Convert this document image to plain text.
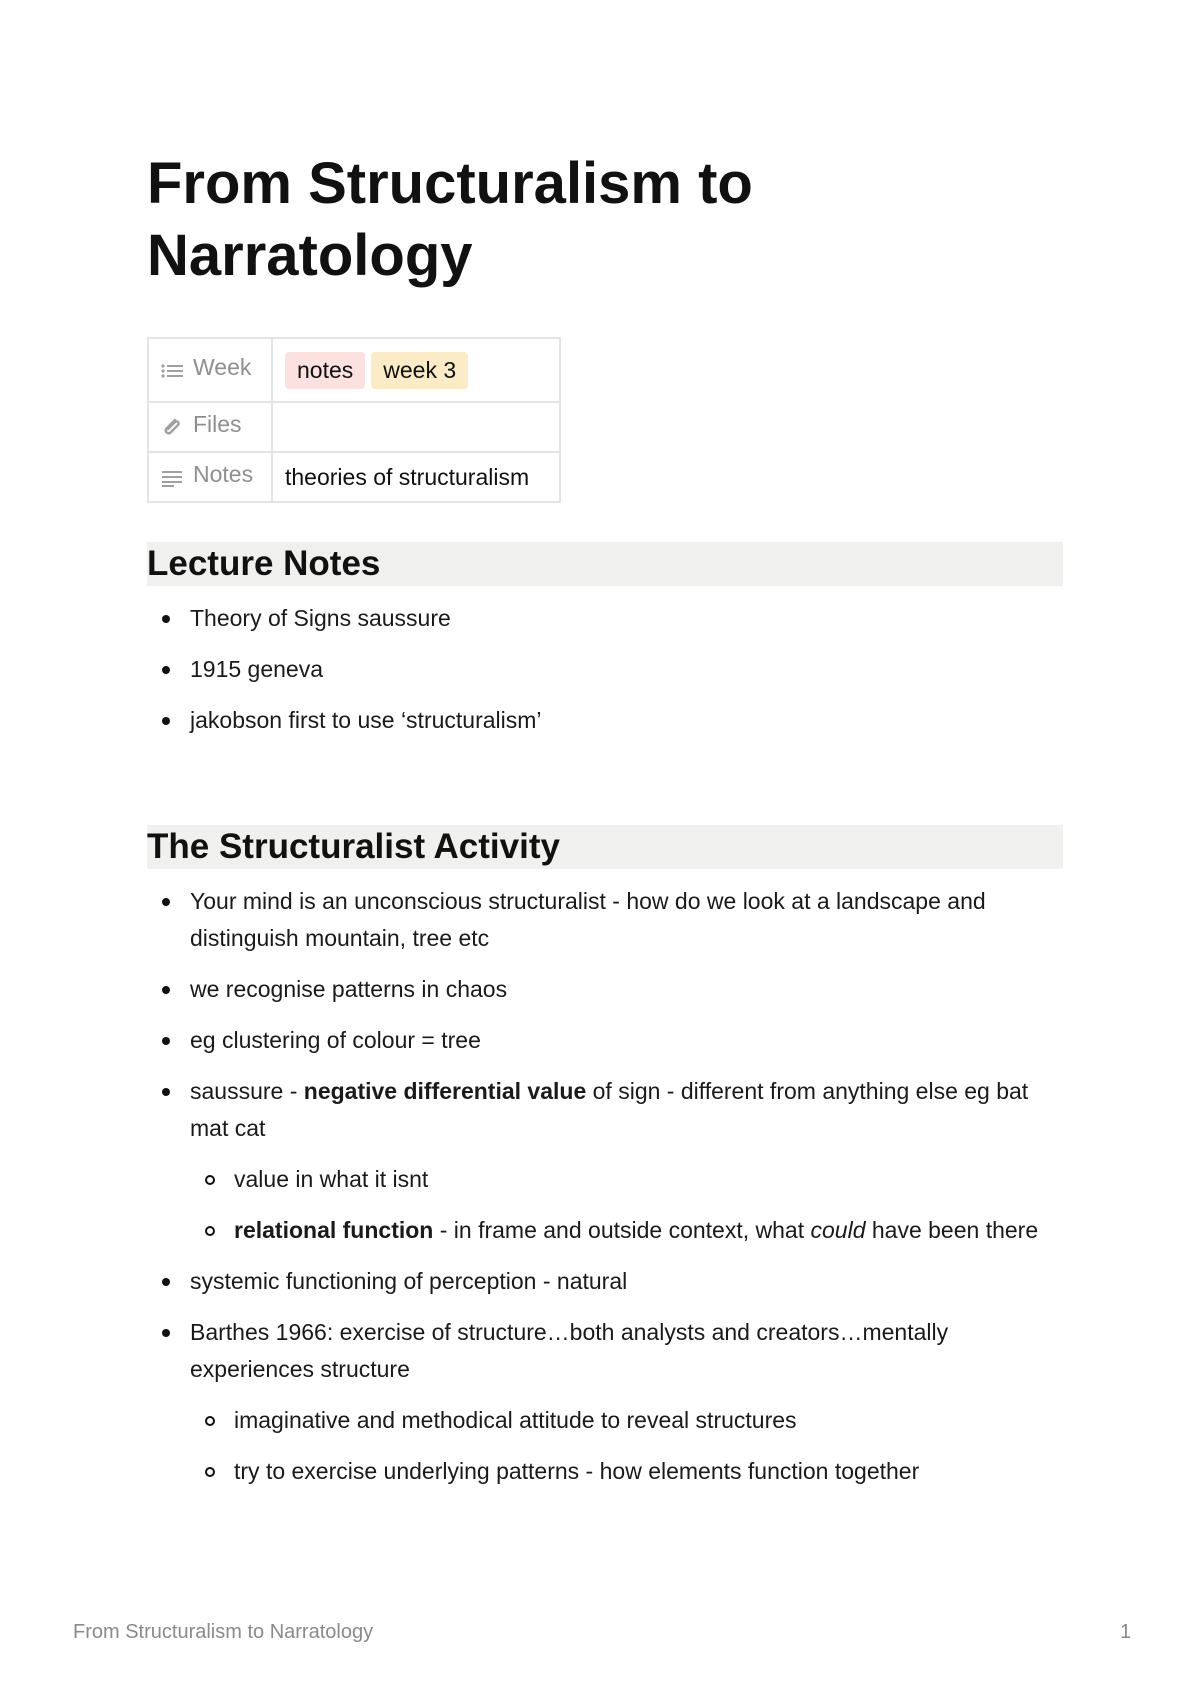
From Structuralism to Narratology
Week	notes week 3

Files	

Notes	theories of structuralism
Lecture Notes
Theory of Signs saussure
1915 geneva
jakobson first to use ‘structuralism’
The Structuralist Activity
Your mind is an unconscious structuralist - how do we look at a landscape and distinguish mountain, tree etc
we recognise patterns in chaos
eg clustering of colour = tree
saussure - negative differential value of sign - different from anything else eg bat mat cat
value in what it isnt
relational function - in frame and outside context, what could have been there
systemic functioning of perception - natural
Barthes 1966: exercise of structure…both analysts and creators…mentally experiences structure
imaginative and methodical attitude to reveal structures
try to exercise underlying patterns - how elements function together
From Structuralism to Narratology	1
